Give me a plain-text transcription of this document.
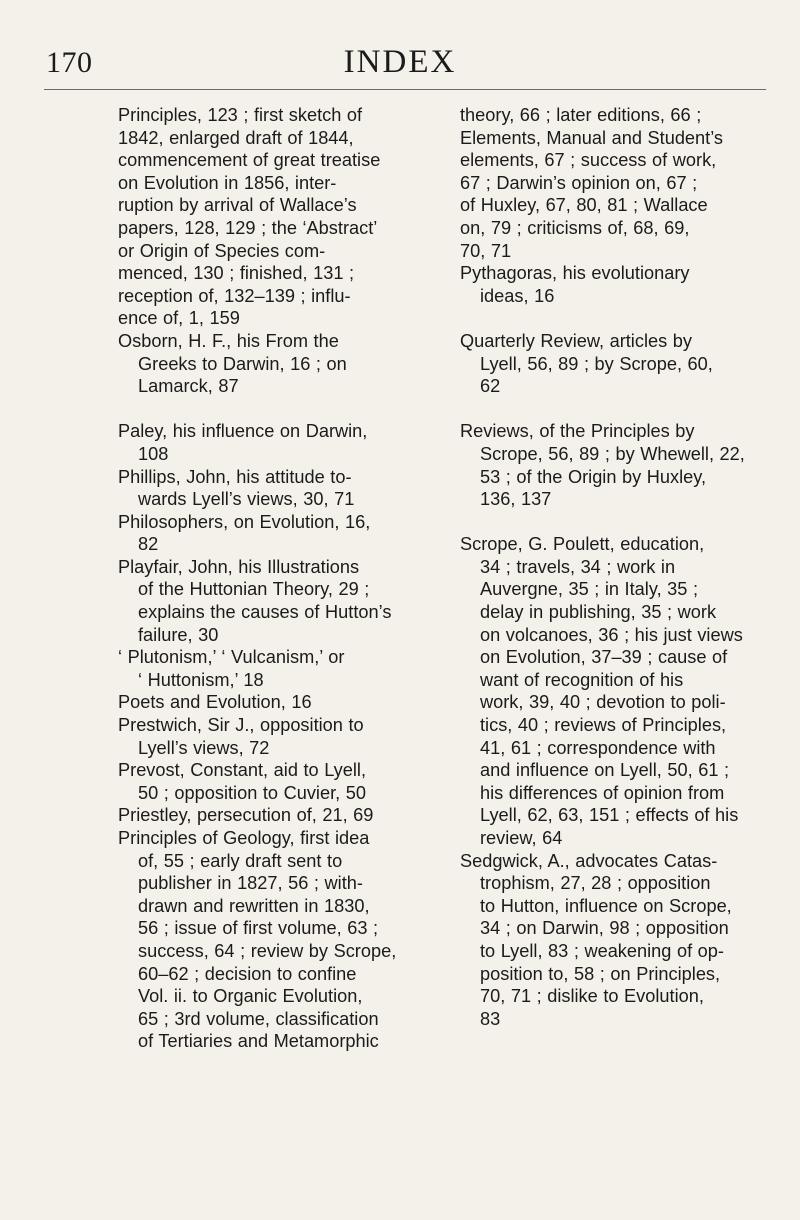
170	INDEX
Principles, 123 ; first sketch of
1842, enlarged draft of 1844,
commencement of great treatise
on Evolution in 1856, inter-
ruption by arrival of Wallace’s
papers, 128, 129 ; the ‘Abstract’
or Origin of Species com-
menced, 130 ; finished, 131 ;
reception of, 132–139 ; influ-
ence of, 1, 159
Osborn, H. F., his From the
Greeks to Darwin, 16 ; on
Lamarck, 87
Paley, his influence on Darwin,
108
Phillips, John, his attitude to-
wards Lyell’s views, 30, 71
Philosophers, on Evolution, 16,
82
Playfair, John, his Illustrations
of the Huttonian Theory, 29 ;
explains the causes of Hutton’s
failure, 30
‘ Plutonism,’ ‘ Vulcanism,’ or
‘ Huttonism,’ 18
Poets and Evolution, 16
Prestwich, Sir J., opposition to
Lyell’s views, 72
Prevost, Constant, aid to Lyell,
50 ; opposition to Cuvier, 50
Priestley, persecution of, 21, 69
Principles of Geology, first idea
of, 55 ; early draft sent to
publisher in 1827, 56 ; with-
drawn and rewritten in 1830,
56 ; issue of first volume, 63 ;
success, 64 ; review by Scrope,
60–62 ; decision to confine
Vol. ii. to Organic Evolution,
65 ; 3rd volume, classification
of Tertiaries and Metamorphic
theory, 66 ; later editions, 66 ;
Elements, Manual and Student’s
elements, 67 ; success of work,
67 ; Darwin’s opinion on, 67 ;
of Huxley, 67, 80, 81 ; Wallace
on, 79 ; criticisms of, 68, 69,
70, 71
Pythagoras, his evolutionary
ideas, 16
Quarterly Review, articles by
Lyell, 56, 89 ; by Scrope, 60,
62
Reviews, of the Principles by
Scrope, 56, 89 ; by Whewell, 22,
53 ; of the Origin by Huxley,
136, 137
Scrope, G. Poulett, education,
34 ; travels, 34 ; work in
Auvergne, 35 ; in Italy, 35 ;
delay in publishing, 35 ; work
on volcanoes, 36 ; his just views
on Evolution, 37–39 ; cause of
want of recognition of his
work, 39, 40 ; devotion to poli-
tics, 40 ; reviews of Principles,
41, 61 ; correspondence with
and influence on Lyell, 50, 61 ;
his differences of opinion from
Lyell, 62, 63, 151 ; effects of his
review, 64
Sedgwick, A., advocates Catas-
trophism, 27, 28 ; opposition
to Hutton, influence on Scrope,
34 ; on Darwin, 98 ; opposition
to Lyell, 83 ; weakening of op-
position to, 58 ; on Principles,
70, 71 ; dislike to Evolution,
83
